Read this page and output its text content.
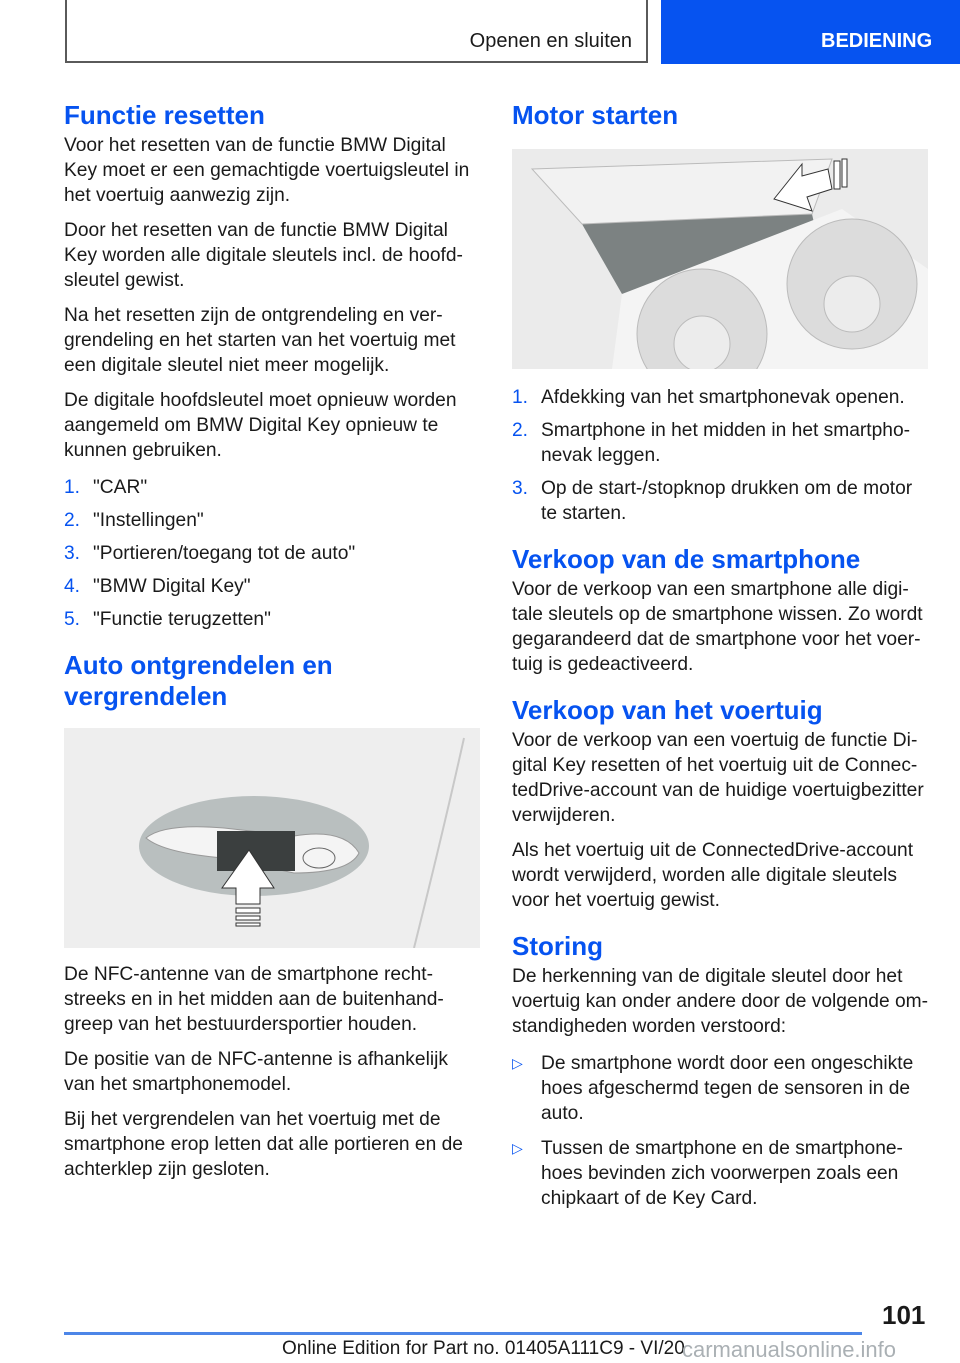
Openen en sluiten	BEDIENING
Functie resetten

Voor het resetten van de functie BMW Digital Key moet er een gemachtigde voertuigsleutel in het voertuig aanwezig zijn.

Door het resetten van de functie BMW Digital Key worden alle digitale sleutels incl. de hoofdsleutel gewist.

Na het resetten zijn de ontgrendeling en vergrendeling en het starten van het voertuig met een digitale sleutel niet meer mogelijk.

De digitale hoofdsleutel moet opnieuw worden aangemeld om BMW Digital Key opnieuw te kunnen gebruiken.

1. "CAR"
2. "Instellingen"
3. "Portieren/toegang tot de auto"
4. "BMW Digital Key"
5. "Functie terugzetten"
Auto ontgrendelen en vergrendelen

De NFC-antenne van de smartphone rechtstreeks en in het midden aan de buitenhandgreep van het bestuurdersportier houden.

De positie van de NFC-antenne is afhankelijk van het smartphonemodel.

Bij het vergrendelen van het voertuig met de smartphone erop letten dat alle portieren en de achterklep zijn gesloten.

Motor starten
1. Afdekking van het smartphonevak openen.
2. Smartphone in het midden in het smartphonevak leggen.
3. Op de start-/stopknop drukken om de motor te starten.
Verkoop van de smartphone

Voor de verkoop van een smartphone alle digitale sleutels op de smartphone wissen. Zo wordt gegarandeerd dat de smartphone voor het voertuig is gedeactiveerd.

Verkoop van het voertuig

Voor de verkoop van een voertuig de functie Digital Key resetten of het voertuig uit de ConnectedDrive-account van de huidige voertuigbezitter verwijderen.

Als het voertuig uit de ConnectedDrive-account wordt verwijderd, worden alle digitale sleutels voor het voertuig gewist.

Storing

De herkenning van de digitale sleutel door het voertuig kan onder andere door de volgende omstandigheden worden verstoord:

▷ De smartphone wordt door een ongeschikte hoes afgeschermd tegen de sensoren in de auto.
▷ Tussen de smartphone en de smartphonehoes bevinden zich voorwerpen zoals een chipkaart of de Key Card.
101
Online Edition for Part no. 01405A111C9 - VI/20
carmanualsonline.info
